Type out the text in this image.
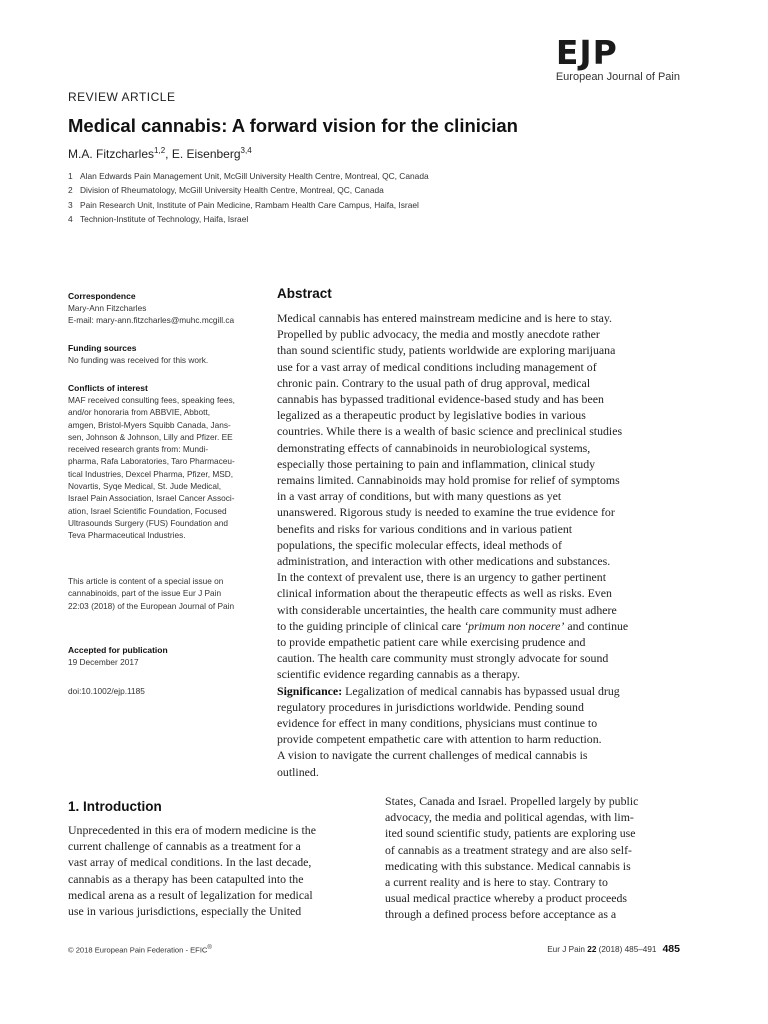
EJP
European Journal of Pain
REVIEW ARTICLE
Medical cannabis: A forward vision for the clinician
M.A. Fitzcharles$^{1,2}$, E. Eisenberg$^{3,4}$
1 Alan Edwards Pain Management Unit, McGill University Health Centre, Montreal, QC, Canada
2 Division of Rheumatology, McGill University Health Centre, Montreal, QC, Canada
3 Pain Research Unit, Institute of Pain Medicine, Rambam Health Care Campus, Haifa, Israel
4 Technion-Institute of Technology, Haifa, Israel
Correspondence

Mary-Ann Fitzcharles

E-mail: mary-ann.fitzcharles@muhc.mcgill.ca

Funding sources

No funding was received for this work.

Conflicts of interest

MAF received consulting fees, speaking fees,

and/or honoraria from ABBVIE, Abbott,

amgen, Bristol-Myers Squibb Canada, Jans-

sen, Johnson & Johnson, Lilly and Pfizer. EE

received research grants from: Mundi-

pharma, Rafa Laboratories, Taro Pharmaceu-

tical Industries, Dexcel Pharma, Pfizer, MSD,

Novartis, Syqe Medical, St. Jude Medical,

Israel Pain Association, Israel Cancer Associ-

ation, Israel Scientific Foundation, Focused

Ultrasounds Surgery (FUS) Foundation and

Teva Pharmaceutical Industries.

This article is content of a special issue on

cannabinoids, part of the issue Eur J Pain

22:03 (2018) of the European Journal of Pain

Accepted for publication

19 December 2017

doi:10.1002/ejp.1185

Abstract

Medical cannabis has entered mainstream medicine and is here to stay.

Propelled by public advocacy, the media and mostly anecdote rather

than sound scientific study, patients worldwide are exploring marijuana

use for a vast array of medical conditions including management of

chronic pain. Contrary to the usual path of drug approval, medical

cannabis has bypassed traditional evidence-based study and has been

legalized as a therapeutic product by legislative bodies in various

countries. While there is a wealth of basic science and preclinical studies

demonstrating effects of cannabinoids in neurobiological systems,

especially those pertaining to pain and inflammation, clinical study

remains limited. Cannabinoids may hold promise for relief of symptoms

in a vast array of conditions, but with many questions as yet

unanswered. Rigorous study is needed to examine the true evidence for

benefits and risks for various conditions and in various patient

populations, the specific molecular effects, ideal methods of

administration, and interaction with other medications and substances.

In the context of prevalent use, there is an urgency to gather pertinent

clinical information about the therapeutic effects as well as risks. Even

with considerable uncertainties, the health care community must adhere

to the guiding principle of clinical care ‘primum non nocere’ and continue

to provide empathetic patient care while exercising prudence and

caution. The health care community must strongly advocate for sound

scientific evidence regarding cannabis as a therapy.

Significance: Legalization of medical cannabis has bypassed usual drug

regulatory procedures in jurisdictions worldwide. Pending sound

evidence for effect in many conditions, physicians must continue to

provide competent empathetic care with attention to harm reduction.

A vision to navigate the current challenges of medical cannabis is

outlined.

1. Introduction
Unprecedented in this era of modern medicine is the
current challenge of cannabis as a treatment for a
vast array of medical conditions. In the last decade,
cannabis as a therapy has been catapulted into the
medical arena as a result of legalization for medical
use in various jurisdictions, especially the United
States, Canada and Israel. Propelled largely by public
advocacy, the media and political agendas, with lim-
ited sound scientific study, patients are exploring use
of cannabis as a treatment strategy and are also self-
medicating with this substance. Medical cannabis is
a current reality and is here to stay. Contrary to
usual medical practice whereby a product proceeds
through a defined process before acceptance as a
© 2018 European Pain Federation - EFIC®	Eur J Pain 22 (2018) 485–491 485
